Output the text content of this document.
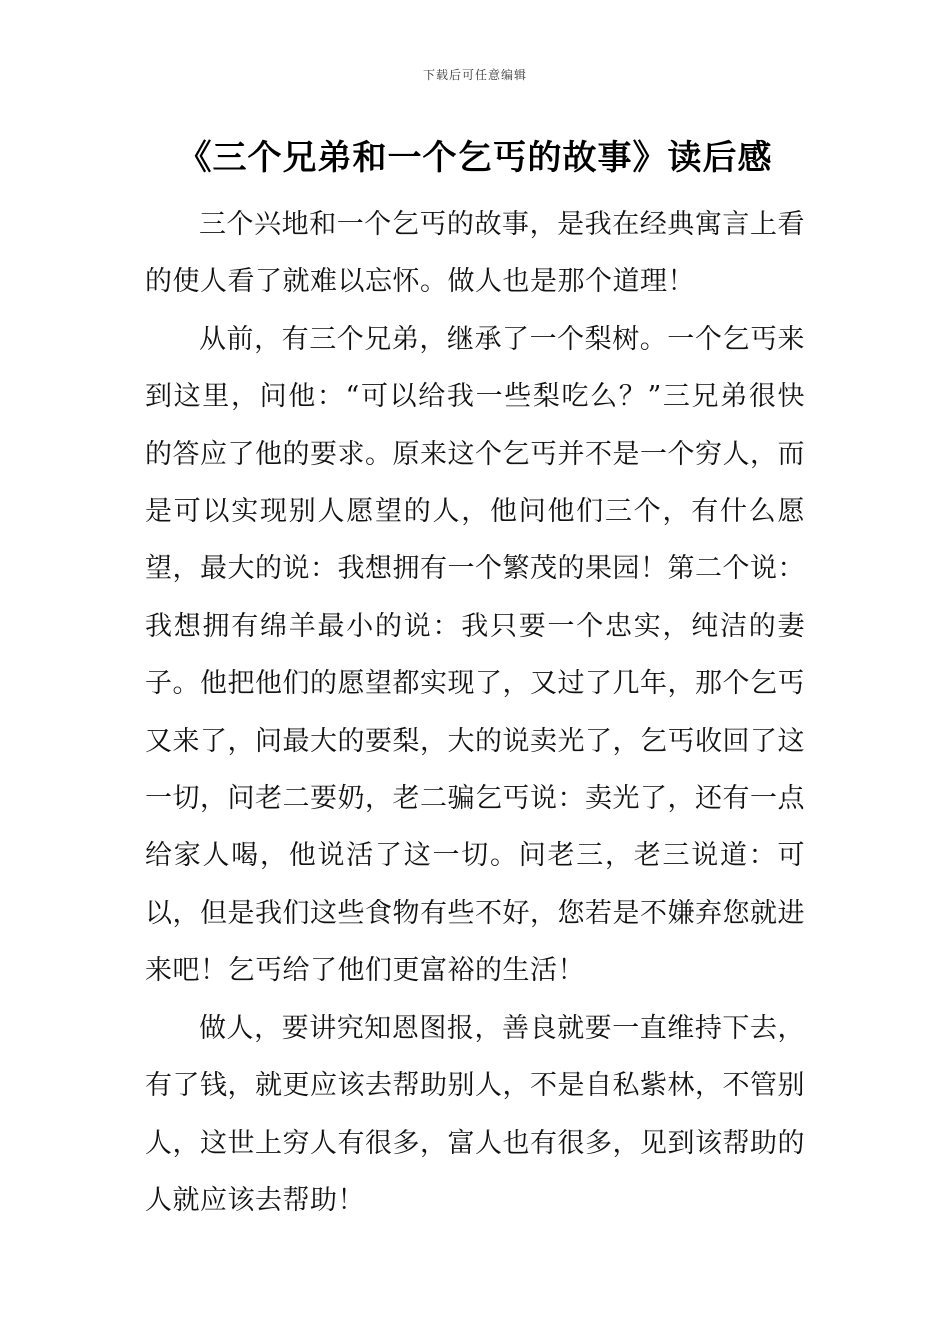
下载后可任意编辑
《三个兄弟和一个乞丐的故事》读后感

三个兴地和一个乞丐的故事，是我在经典寓言上看的使人看了就难以忘怀。做人也是那个道理！

从前，有三个兄弟，继承了一个梨树。一个乞丐来到这里，问他：“可以给我一些梨吃么？”三兄弟很快的答应了他的要求。原来这个乞丐并不是一个穷人，而是可以实现别人愿望的人，他问他们三个，有什么愿望，最大的说：我想拥有一个繁茂的果园！第二个说：我想拥有绵羊最小的说：我只要一个忠实，纯洁的妻子。他把他们的愿望都实现了，又过了几年，那个乞丐又来了，问最大的要梨，大的说卖光了，乞丐收回了这一切，问老二要奶，老二骗乞丐说：卖光了，还有一点给家人喝，他说活了这一切。问老三，老三说道：可以，但是我们这些食物有些不好，您若是不嫌弃您就进来吧！乞丐给了他们更富裕的生活！

做人，要讲究知恩图报，善良就要一直维持下去，有了钱，就更应该去帮助别人，不是自私紫林，不管别人，这世上穷人有很多，富人也有很多，见到该帮助的人就应该去帮助！
